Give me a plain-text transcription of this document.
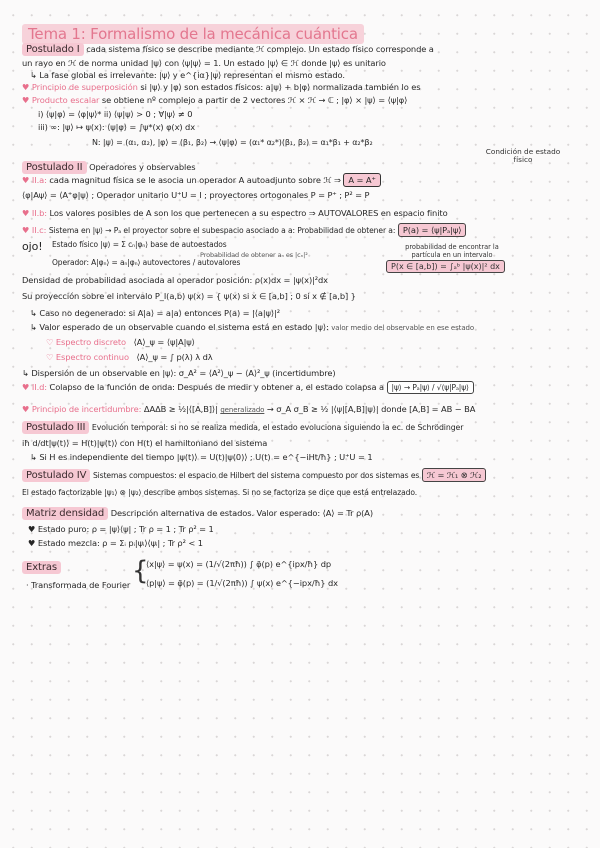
Tema 1: Formalismo de la mecánica cuántica
Postulado I cada sistema físico se describe mediante ℋ complejo. Un estado físico corresponde a
un rayo en ℋ de norma unidad |ψ⟩ con ⟨ψ|ψ⟩ = 1. Un estado |ψ⟩ ∈ ℋ donde |ψ⟩ es unitario
↳ La fase global es irrelevante: |ψ⟩ y e^{iα}|ψ⟩ representan el mismo estado.
♥ Principio de superposición si |ψ⟩ y |φ⟩ son estados físicos: a|ψ⟩ + b|φ⟩ normalizada también lo es
♥ Producto escalar se obtiene nº complejo a partir de 2 vectores ℋ × ℋ → ℂ ; |φ⟩ × |ψ⟩ = ⟨ψ|φ⟩
i) ⟨ψ|φ⟩ = ⟨φ|ψ⟩* ii) ⟨ψ|ψ⟩ > 0 ; ∀|ψ⟩ ≠ 0
iii) ∞: |ψ⟩ ↦ ψ(x): ⟨ψ|φ⟩ = ∫ψ*(x) φ(x) dx
N: |ψ⟩ = (α₁, α₂), |φ⟩ = (β₁, β₂) → ⟨ψ|φ⟩ = (α₁* α₂*)(β₁, β₂) = α₁*β₁ + α₂*β₂
Condición de estado físico
Postulado II Operadores y observables
♥ II.a: cada magnitud física se le asocia un operador A autoadjunto sobre ℋ ⇒ A = A⁺
⟨φ|Aψ⟩ = ⟨A⁺φ|ψ⟩ ; Operador unitario U⁺U = I ; proyectores ortogonales P = P⁺ ; P² = P
♥ II.b: Los valores posibles de A son los que pertenecen a su espectro ⇒ AUTOVALORES en espacio finito
♥ II.c: Sistema en |ψ⟩ → Pₐ el proyector sobre el subespacio asociado a a: Probabilidad de obtener a: P(a) = ⟨ψ|Pₐ|ψ⟩
ojo! Estado físico |ψ⟩ = Σ cₙ|φₙ⟩ base de autoestados
Probabilidad de obtener aₙ es |cₙ|²
Operador: A|φₙ⟩ = aₙ|φₙ⟩ autovectores / autovalores
probabilidad de encontrar la partícula en un intervalo
P(x ∈ [a,b]) = ∫ₐᵇ |ψ(x)|² dx
Densidad de probabilidad asociada al operador posición: ρ(x)dx = |ψ(x)|²dx
Su proyección sobre el intervalo P_I(a,b) ψ(x) = { ψ(x) si x ∈ [a,b] ; 0 si x ∉ [a,b] }
↳ Caso no degenerado: si A|a⟩ = a|a⟩ entonces P(a) = |⟨a|ψ⟩|²
↳ Valor esperado de un observable cuando el sistema está en estado |ψ⟩: valor medio del observable en ese estado
♡ Espectro discreto ⟨A⟩_ψ = ⟨ψ|A|ψ⟩
♡ Espectro continuo ⟨A⟩_ψ = ∫ p(λ) λ dλ
↳ Dispersión de un observable en |ψ⟩: σ_A² = ⟨A²⟩_ψ − ⟨A⟩²_ψ (incertidumbre)
♥ II.d: Colapso de la función de onda: Después de medir y obtener a, el estado colapsa a |ψ⟩ → Pₐ|ψ⟩ / √⟨ψ|Pₐ|ψ⟩
♥ Principio de incertidumbre: ΔAΔB ≥ ½|⟨[A,B]⟩| generalizado → σ_A σ_B ≥ ½ |⟨ψ|[A,B]|ψ⟩| donde [A,B] = AB − BA
Postulado III Evolución temporal: si no se realiza medida, el estado evoluciona siguiendo la ec. de Schrödinger
iħ d/dt|ψ(t)⟩ = H(t)|ψ(t)⟩ con H(t) el hamiltoniano del sistema
↳ Si H es independiente del tiempo |ψ(t)⟩ = U(t)|ψ(0)⟩ ; U(t) = e^{−iHt/ħ} ; U⁺U = 1
Postulado IV Sistemas compuestos: el espacio de Hilbert del sistema compuesto por dos sistemas es ℋ = ℋ₁ ⊗ ℋ₂
El estado factorizable |ψ₁⟩ ⊗ |ψ₂⟩ describe ambos sistemas. Si no se factoriza se dice que está entrelazado.
Matriz densidad Descripción alternativa de estados. Valor esperado: ⟨A⟩ = Tr ρ(A)
♥ Estado puro: ρ = |ψ⟩⟨ψ| ; Tr ρ = 1 ; Tr ρ² = 1
♥ Estado mezcla: ρ = Σᵢ pᵢ|ψᵢ⟩⟨ψᵢ| ; Tr ρ² < 1
Extras
· Transformada de Fourier {
⟨x|ψ⟩ = ψ(x) = (1/√(2πħ)) ∫ φ̃(p) e^{ipx/ħ} dp
⟨p|ψ⟩ = φ̃(p) = (1/√(2πħ)) ∫ ψ(x) e^{−ipx/ħ} dx
